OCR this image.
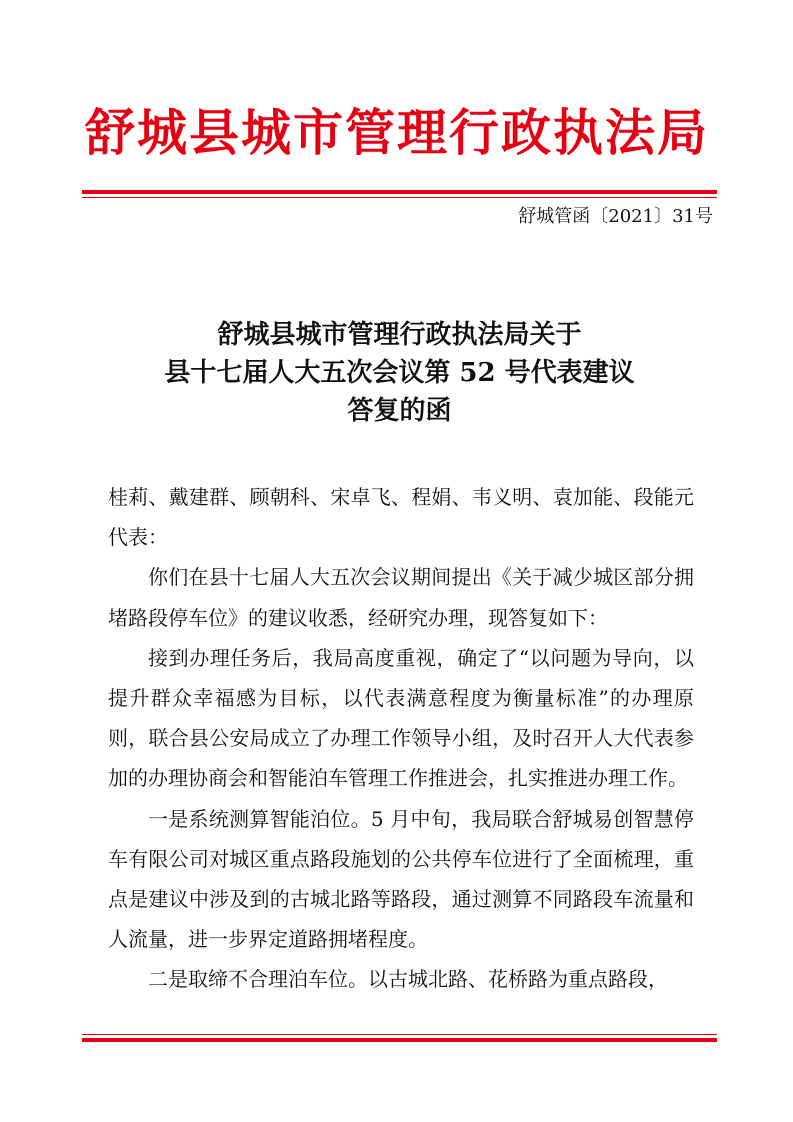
舒城县城市管理行政执法局
舒城管函〔2021〕31号
舒城县城市管理行政执法局关于
县十七届人大五次会议第 52 号代表建议
答复的函

桂莉、戴建群、顾朝科、宋卓飞、程娟、韦义明、袁加能、段能元代表：

你们在县十七届人大五次会议期间提出《关于减少城区部分拥堵路段停车位》的建议收悉，经研究办理，现答复如下：

接到办理任务后，我局高度重视，确定了“以问题为导向，以提升群众幸福感为目标，以代表满意程度为衡量标准”的办理原则，联合县公安局成立了办理工作领导小组，及时召开人大代表参加的办理协商会和智能泊车管理工作推进会，扎实推进办理工作。

一是系统测算智能泊位。5 月中旬，我局联合舒城易创智慧停车有限公司对城区重点路段施划的公共停车位进行了全面梳理，重点是建议中涉及到的古城北路等路段，通过测算不同路段车流量和人流量，进一步界定道路拥堵程度。

二是取缔不合理泊车位。以古城北路、花桥路为重点路段，
